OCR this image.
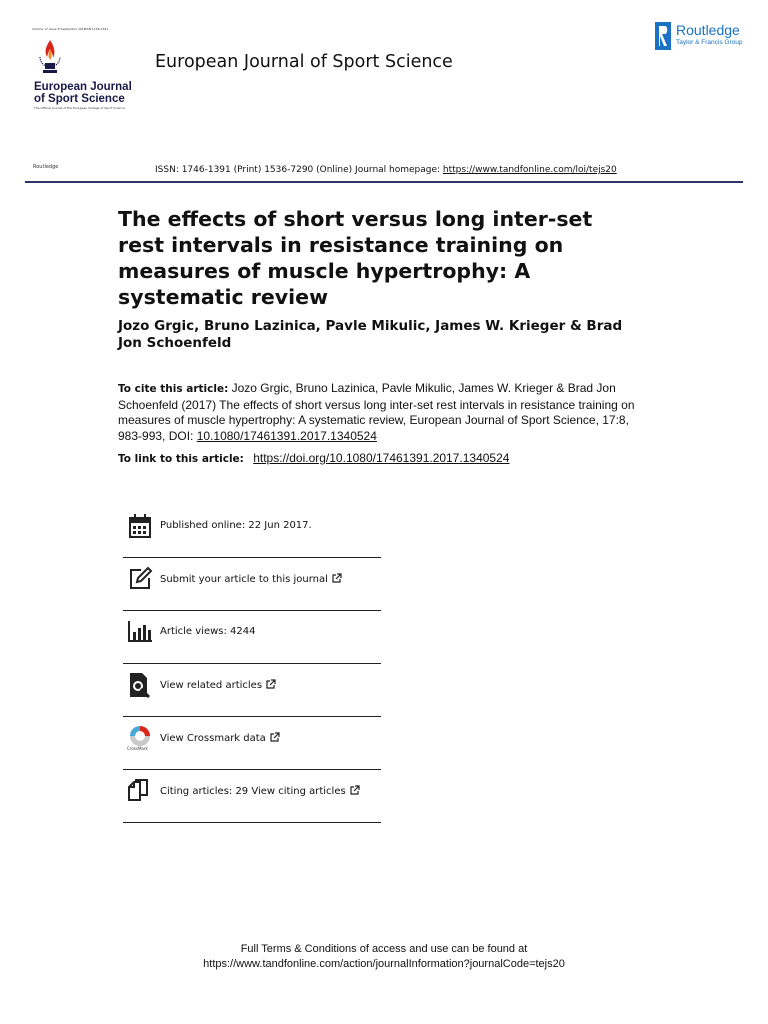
Volume 17 Issue 8 September 2017
ISSN 1746-1391
European Journal
of Sport Science
The Official Journal of the European College of Sport Science
European Journal of Sport Science
Routledge
Taylor & Francis Group
Routledge	ISSN: 1746-1391 (Print) 1536-7290 (Online) Journal homepage: https://www.tandfonline.com/loi/tejs20
The effects of short versus long inter-set rest intervals in resistance training on measures of muscle hypertrophy: A systematic review
Jozo Grgic, Bruno Lazinica, Pavle Mikulic, James W. Krieger & Brad Jon Schoenfeld
To cite this article: Jozo Grgic, Bruno Lazinica, Pavle Mikulic, James W. Krieger & Brad Jon Schoenfeld (2017) The effects of short versus long inter-set rest intervals in resistance training on measures of muscle hypertrophy: A systematic review, European Journal of Sport Science, 17:8, 983-993, DOI: 10.1080/17461391.2017.1340524
To link to this article: https://doi.org/10.1080/17461391.2017.1340524
Published online: 22 Jun 2017.
Submit your article to this journal
Article views: 4244
View related articles
CrossMark
View Crossmark data
Citing articles: 29 View citing articles
Full Terms & Conditions of access and use can be found at
https://www.tandfonline.com/action/journalInformation?journalCode=tejs20
